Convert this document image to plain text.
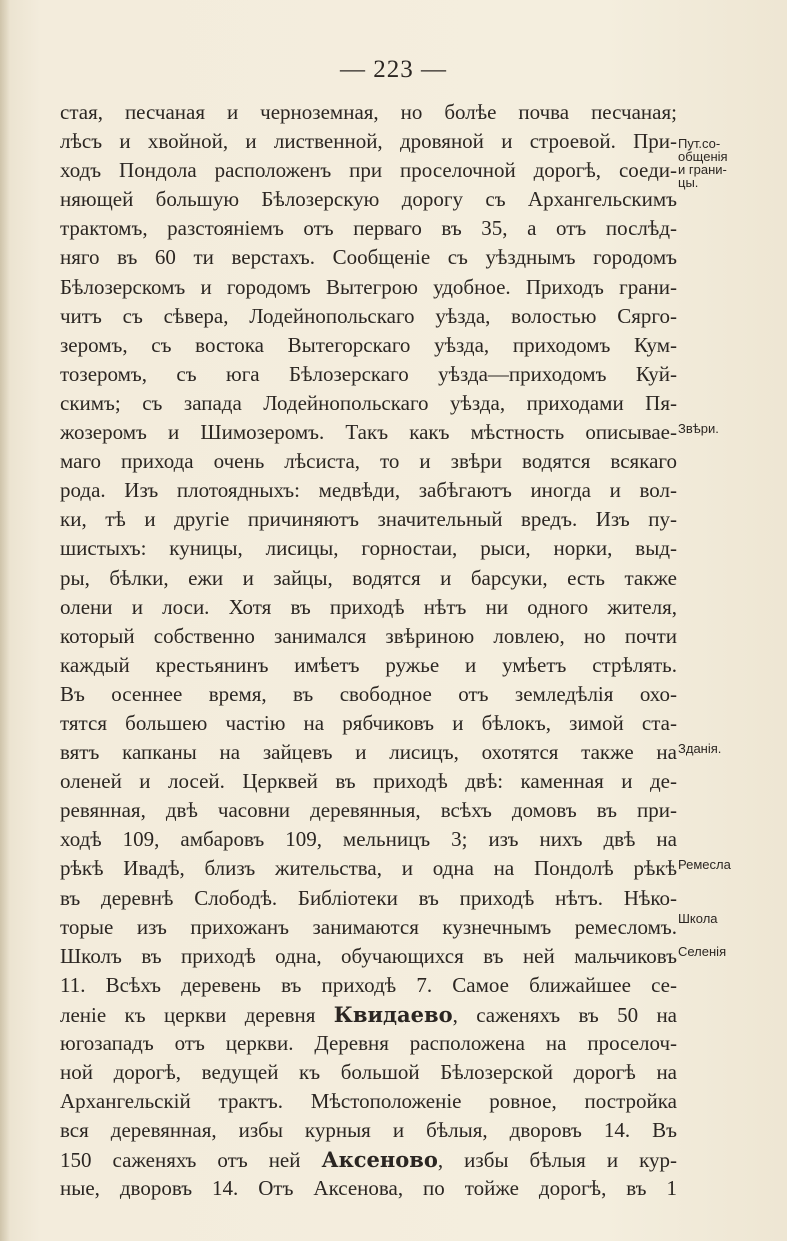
— 223 —
стая, песчаная и черноземная, но болѣе почва песчаная;
лѣсъ и хвойной, и лиственной, дровяной и строевой. При-
ходъ Пондола расположенъ при проселочной дорогѣ, соеди-
няющей большую Бѣлозерскую дорогу съ Архангельскимъ
трактомъ, разстояніемъ отъ перваго въ 35, а отъ послѣд-
няго въ 60 ти верстахъ. Сообщеніе съ уѣзднымъ городомъ
Бѣлозерскомъ и городомъ Вытегрою удобное. Приходъ грани-
читъ съ сѣвера, Лодейнопольскаго уѣзда, волостью Сярго-
зеромъ, съ востока Вытегорскаго уѣзда, приходомъ Кум-
тозеромъ, съ юга Бѣлозерскаго уѣзда—приходомъ Куй-
скимъ; съ запада Лодейнопольскаго уѣзда, приходами Пя-
жозеромъ и Шимозеромъ. Такъ какъ мѣстность описывае-
маго прихода очень лѣсиста, то и звѣри водятся всякаго
рода. Изъ плотоядныхъ: медвѣди, забѣгаютъ иногда и вол-
ки, тѣ и другіе причиняютъ значительный вредъ. Изъ пу-
шистыхъ: куницы, лисицы, горностаи, рыси, норки, выд-
ры, бѣлки, ежи и зайцы, водятся и барсуки, есть также
олени и лоси. Хотя въ приходѣ нѣтъ ни одного жителя,
который собственно занимался звѣриною ловлею, но почти
каждый крестьянинъ имѣетъ ружье и умѣетъ стрѣлять.
Въ осеннее время, въ свободное отъ земледѣлія охо-
тятся большею частію на рябчиковъ и бѣлокъ, зимой ста-
вятъ капканы на зайцевъ и лисицъ, охотятся также на
оленей и лосей. Церквей въ приходѣ двѣ: каменная и де-
ревянная, двѣ часовни деревянныя, всѣхъ домовъ въ при-
ходѣ 109, амбаровъ 109, мельницъ 3; изъ нихъ двѣ на
рѣкѣ Ивадѣ, близъ жительства, и одна на Пондолѣ рѣкѣ
въ деревнѣ Слободѣ. Библіотеки въ приходѣ нѣтъ. Нѣко-
торые изъ прихожанъ занимаются кузнечнымъ ремесломъ.
Школъ въ приходѣ одна, обучающихся въ ней мальчиковъ
11. Всѣхъ деревень въ приходѣ 7. Самое ближайшее се-
леніе къ церкви деревня Квидаево, саженяхъ въ 50 на
югозападъ отъ церкви. Деревня расположена на проселоч-
ной дорогѣ, ведущей къ большой Бѣлозерской дорогѣ на
Архангельскій трактъ. Мѣстоположеніе ровное, постройка
вся деревянная, избы курныя и бѣлыя, дворовъ 14. Въ
150 саженяхъ отъ ней Аксеново, избы бѣлыя и кур-
ные, дворовъ 14. Отъ Аксенова, по тойже дорогѣ, въ 1
Пут.со-
общенія
и грани-
цы.
Звѣри.
Зданія.
Ремесла
Школа
Селенія
